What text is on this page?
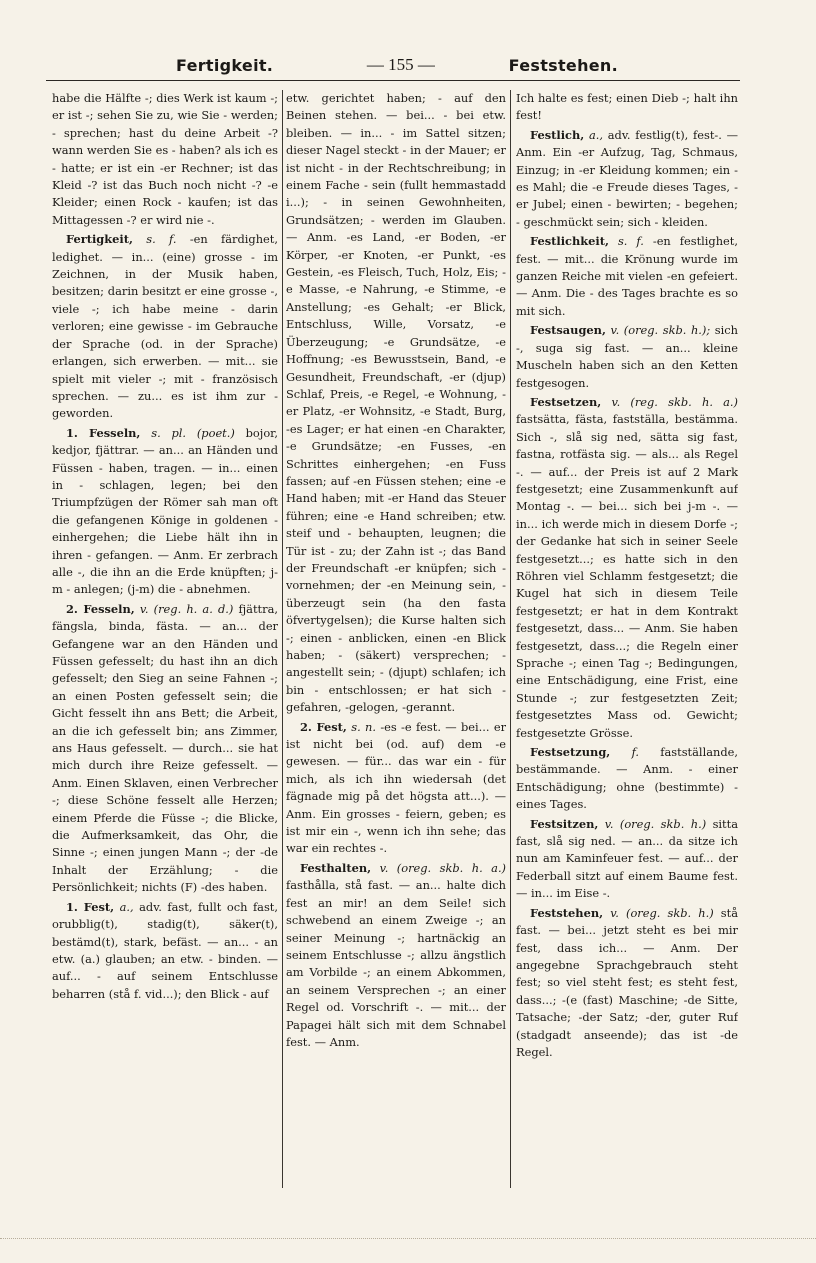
Fertigkeit.	— 155 —	Feststehen.

habe die Hälfte -; dies Werk ist kaum -; er ist -; sehen Sie zu, wie Sie - werden; - sprechen; hast du deine Arbeit -? wann werden Sie es - haben? als ich es - hatte; er ist ein -er Rechner; ist das Kleid -? ist das Buch noch nicht -? -e Kleider; einen Rock - kaufen; ist das Mittagessen -? er wird nie -.

Fertigkeit, s. f. -en färdighet, ledighet. — in... (eine) grosse - im Zeichnen, in der Musik haben, besitzen; darin besitzt er eine grosse -, viele -; ich habe meine - darin verloren; eine gewisse - im Gebrauche der Sprache (od. in der Sprache) erlangen, sich erwerben. — mit... sie spielt mit vieler -; mit - französisch sprechen. — zu... es ist ihm zur - geworden.

1. Fesseln, s. pl. (poet.) bojor, kedjor, fjättrar. — an... an Händen und Füssen - haben, tragen. — in... einen in - schlagen, legen; bei den Triumpfzügen der Römer sah man oft die gefangenen Könige in goldenen - einhergehen; die Liebe hält ihn in ihren - gefangen. — Anm. Er zerbrach alle -, die ihn an die Erde knüpften; j-m - anlegen; (j-m) die - abnehmen.

2. Fesseln, v. (reg. h. a. d.) fjättra, fängsla, binda, fästa. — an... der Gefangene war an den Händen und Füssen gefesselt; du hast ihn an dich gefesselt; den Sieg an seine Fahnen -; an einen Posten gefesselt sein; die Gicht fesselt ihn ans Bett; die Arbeit, an die ich gefesselt bin; ans Zimmer, ans Haus gefesselt. — durch... sie hat mich durch ihre Reize gefesselt. — Anm. Einen Sklaven, einen Verbrecher -; diese Schöne fesselt alle Herzen; einem Pferde die Füsse -; die Blicke, die Aufmerksamkeit, das Ohr, die Sinne -; einen jungen Mann -; der -de Inhalt der Erzählung; - die Persönlichkeit; nichts (F) -des haben.

1. Fest, a., adv. fast, fullt och fast, orubblig(t), stadig(t), säker(t), bestämd(t), stark, befäst. — an... - an etw. (a.) glauben; an etw. - binden. — auf... - auf seinem Entschlusse beharren (stå f. vid...); den Blick - auf

etw. gerichtet haben; - auf den Beinen stehen. — bei... - bei etw. bleiben. — in... - im Sattel sitzen; dieser Nagel steckt - in der Mauer; er ist nicht - in der Rechtschreibung; in einem Fache - sein (fullt hemmastadd i...); - in seinen Gewohnheiten, Grundsätzen; - werden im Glauben. — Anm. -es Land, -er Boden, -er Körper, -er Knoten, -er Punkt, -es Gestein, -es Fleisch, Tuch, Holz, Eis; -e Masse, -e Nahrung, -e Stimme, -e Anstellung; -es Gehalt; -er Blick, Entschluss, Wille, Vorsatz, -e Überzeugung; -e Grundsätze, -e Hoffnung; -es Bewusstsein, Band, -e Gesundheit, Freundschaft, -er (djup) Schlaf, Preis, -e Regel, -e Wohnung, -er Platz, -er Wohnsitz, -e Stadt, Burg, -es Lager; er hat einen -en Charakter, -e Grundsätze; -en Fusses, -en Schrittes einhergehen; -en Fuss fassen; auf -en Füssen stehen; eine -e Hand haben; mit -er Hand das Steuer führen; eine -e Hand schreiben; etw. steif und - behaupten, leugnen; die Tür ist - zu; der Zahn ist -; das Band der Freundschaft -er knüpfen; sich - vornehmen; der -en Meinung sein, - überzeugt sein (ha den fasta öfvertygelsen); die Kurse halten sich -; einen - anblicken, einen -en Blick haben; - (säkert) versprechen; - angestellt sein; - (djupt) schlafen; ich bin - entschlossen; er hat sich -gefahren, -gelogen, -gerannt.

2. Fest, s. n. -es -e fest. — bei... er ist nicht bei (od. auf) dem -e gewesen. — für... das war ein - für mich, als ich ihn wiedersah (det fägnade mig på det högsta att...). — Anm. Ein grosses - feiern, geben; es ist mir ein -, wenn ich ihn sehe; das war ein rechtes -.

Festhalten, v. (oreg. skb. h. a.) fasthålla, stå fast. — an... halte dich fest an mir! an dem Seile! sich schwebend an einem Zweige -; an seiner Meinung -; hartnäckig an seinem Entschlusse -; allzu ängstlich am Vorbilde -; an einem Abkommen, an seinem Versprechen -; an einer Regel od. Vorschrift -. — mit... der Papagei hält sich mit dem Schnabel fest. — Anm.

Ich halte es fest; einen Dieb -; halt ihn fest!

Festlich, a., adv. festlig(t), fest-. — Anm. Ein -er Aufzug, Tag, Schmaus, Einzug; in -er Kleidung kommen; ein -es Mahl; die -e Freude dieses Tages, -er Jubel; einen - bewirten; - begehen; - geschmückt sein; sich - kleiden.

Festlichkeit, s. f. -en festlighet, fest. — mit... die Krönung wurde im ganzen Reiche mit vielen -en gefeiert. — Anm. Die - des Tages brachte es so mit sich.

Festsaugen, v. (oreg. skb. h.); sich -, suga sig fast. — an... kleine Muscheln haben sich an den Ketten festgesogen.

Festsetzen, v. (reg. skb. h. a.) fastsätta, fästa, fastställa, bestämma. Sich -, slå sig ned, sätta sig fast, fastna, rotfästa sig. — als... als Regel -. — auf... der Preis ist auf 2 Mark festgesetzt; eine Zusammenkunft auf Montag -. — bei... sich bei j-m -. — in... ich werde mich in diesem Dorfe -; der Gedanke hat sich in seiner Seele festgesetzt...; es hatte sich in den Röhren viel Schlamm festgesetzt; die Kugel hat sich in diesem Teile festgesetzt; er hat in dem Kontrakt festgesetzt, dass... — Anm. Sie haben festgesetzt, dass...; die Regeln einer Sprache -; einen Tag -; Bedingungen, eine Entschädigung, eine Frist, eine Stunde -; zur festgesetzten Zeit; festgesetztes Mass od. Gewicht; festgesetzte Grösse.

Festsetzung, f. fastställande, bestämmande. — Anm. - einer Entschädigung; ohne (bestimmte) - eines Tages.

Festsitzen, v. (oreg. skb. h.) sitta fast, slå sig ned. — an... da sitze ich nun am Kaminfeuer fest. — auf... der Federball sitzt auf einem Baume fest. — in... im Eise -.

Feststehen, v. (oreg. skb. h.) stå fast. — bei... jetzt steht es bei mir fest, dass ich... — Anm. Der angegebne Sprachgebrauch steht fest; so viel steht fest; es steht fest, dass...; -(e (fast) Maschine; -de Sitte, Tatsache; -der Satz; -der, guter Ruf (stadgadt anseende); das ist -de Regel.
